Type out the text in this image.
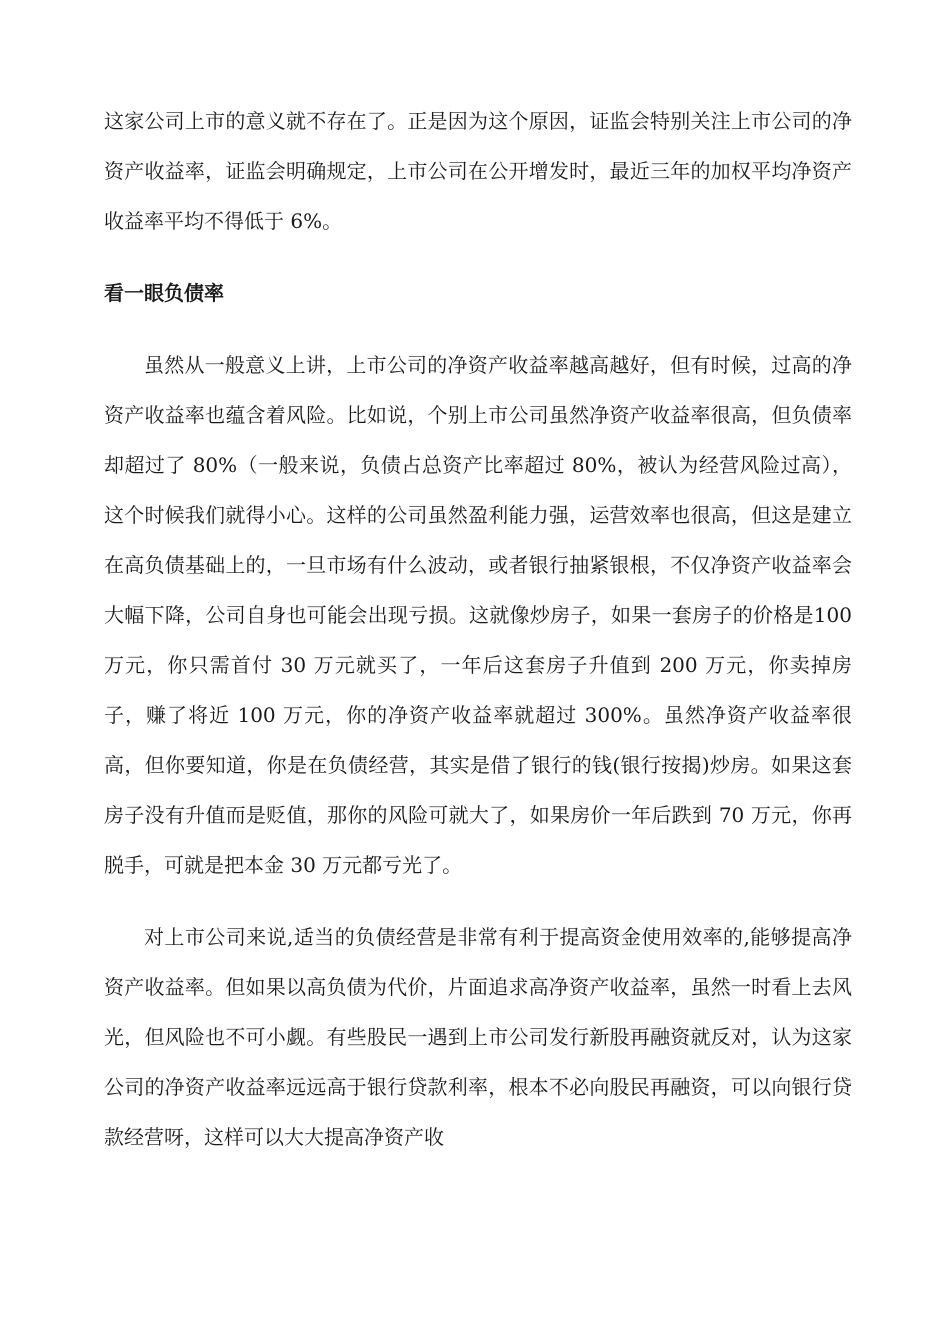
这家公司上市的意义就不存在了。正是因为这个原因，证监会特别关注上市公司的净资产收益率，证监会明确规定，上市公司在公开增发时，最近三年的加权平均净资产收益率平均不得低于 6%。

看一眼负债率

虽然从一般意义上讲，上市公司的净资产收益率越高越好，但有时候，过高的净资产收益率也蕴含着风险。比如说，个别上市公司虽然净资产收益率很高，但负债率却超过了 80%（一般来说，负债占总资产比率超过 80%，被认为经营风险过高），这个时候我们就得小心。这样的公司虽然盈利能力强，运营效率也很高，但这是建立在高负债基础上的，一旦市场有什么波动，或者银行抽紧银根，不仅净资产收益率会大幅下降，公司自身也可能会出现亏损。这就像炒房子，如果一套房子的价格是100 万元，你只需首付 30 万元就买了，一年后这套房子升值到 200 万元，你卖掉房子，赚了将近 100 万元，你的净资产收益率就超过 300%。虽然净资产收益率很高，但你要知道，你是在负债经营，其实是借了银行的钱(银行按揭)炒房。如果这套房子没有升值而是贬值，那你的风险可就大了，如果房价一年后跌到 70 万元，你再脱手，可就是把本金 30 万元都亏光了。

对上市公司来说,适当的负债经营是非常有利于提高资金使用效率的,能够提高净资产收益率。但如果以高负债为代价，片面追求高净资产收益率，虽然一时看上去风光，但风险也不可小觑。有些股民一遇到上市公司发行新股再融资就反对，认为这家公司的净资产收益率远远高于银行贷款利率，根本不必向股民再融资，可以向银行贷款经营呀，这样可以大大提高净资产收
